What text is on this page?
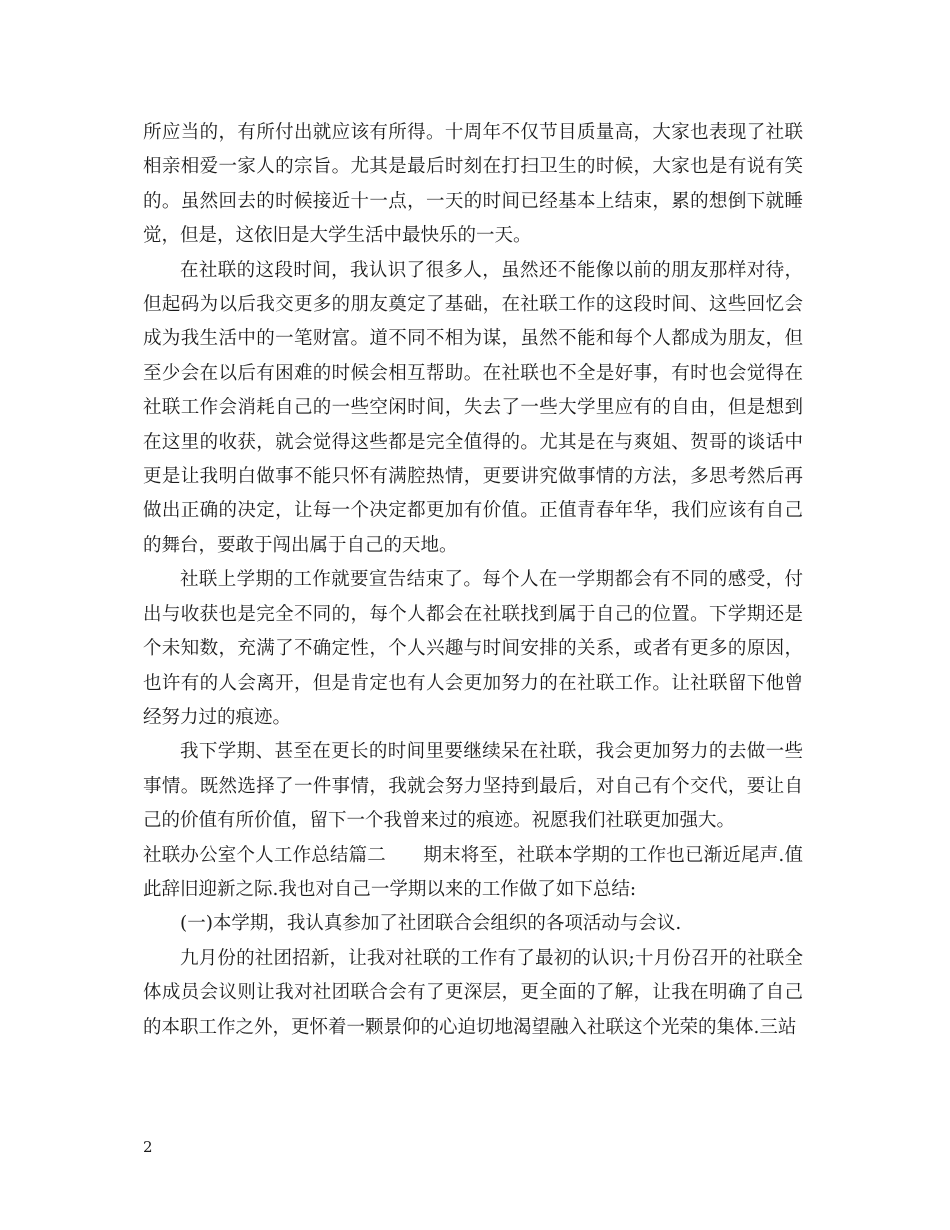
所应当的，有所付出就应该有所得。十周年不仅节目质量高，大家也表现了社联相亲相爱一家人的宗旨。尤其是最后时刻在打扫卫生的时候，大家也是有说有笑的。虽然回去的时候接近十一点，一天的时间已经基本上结束，累的想倒下就睡觉，但是，这依旧是大学生活中最快乐的一天。

在社联的这段时间，我认识了很多人，虽然还不能像以前的朋友那样对待，但起码为以后我交更多的朋友奠定了基础，在社联工作的这段时间、这些回忆会成为我生活中的一笔财富。道不同不相为谋，虽然不能和每个人都成为朋友，但至少会在以后有困难的时候会相互帮助。在社联也不全是好事，有时也会觉得在社联工作会消耗自己的一些空闲时间，失去了一些大学里应有的自由，但是想到在这里的收获，就会觉得这些都是完全值得的。尤其是在与爽姐、贺哥的谈话中更是让我明白做事不能只怀有满腔热情，更要讲究做事情的方法，多思考然后再做出正确的决定，让每一个决定都更加有价值。正值青春年华，我们应该有自己的舞台，要敢于闯出属于自己的天地。

社联上学期的工作就要宣告结束了。每个人在一学期都会有不同的感受，付出与收获也是完全不同的，每个人都会在社联找到属于自己的位置。下学期还是个未知数，充满了不确定性，个人兴趣与时间安排的关系，或者有更多的原因，也许有的人会离开，但是肯定也有人会更加努力的在社联工作。让社联留下他曾经努力过的痕迹。

我下学期、甚至在更长的时间里要继续呆在社联，我会更加努力的去做一些事情。既然选择了一件事情，我就会努力坚持到最后，对自己有个交代，要让自己的价值有所价值，留下一个我曾来过的痕迹。祝愿我们社联更加强大。

社联办公室个人工作总结篇二　　期末将至，社联本学期的工作也已渐近尾声.值此辞旧迎新之际.我也对自己一学期以来的工作做了如下总结:

(一)本学期，我认真参加了社团联合会组织的各项活动与会议.

九月份的社团招新，让我对社联的工作有了最初的认识;十月份召开的社联全体成员会议则让我对社团联合会有了更深层，更全面的了解，让我在明确了自己的本职工作之外，更怀着一颗景仰的心迫切地渴望融入社联这个光荣的集体.三站

2
